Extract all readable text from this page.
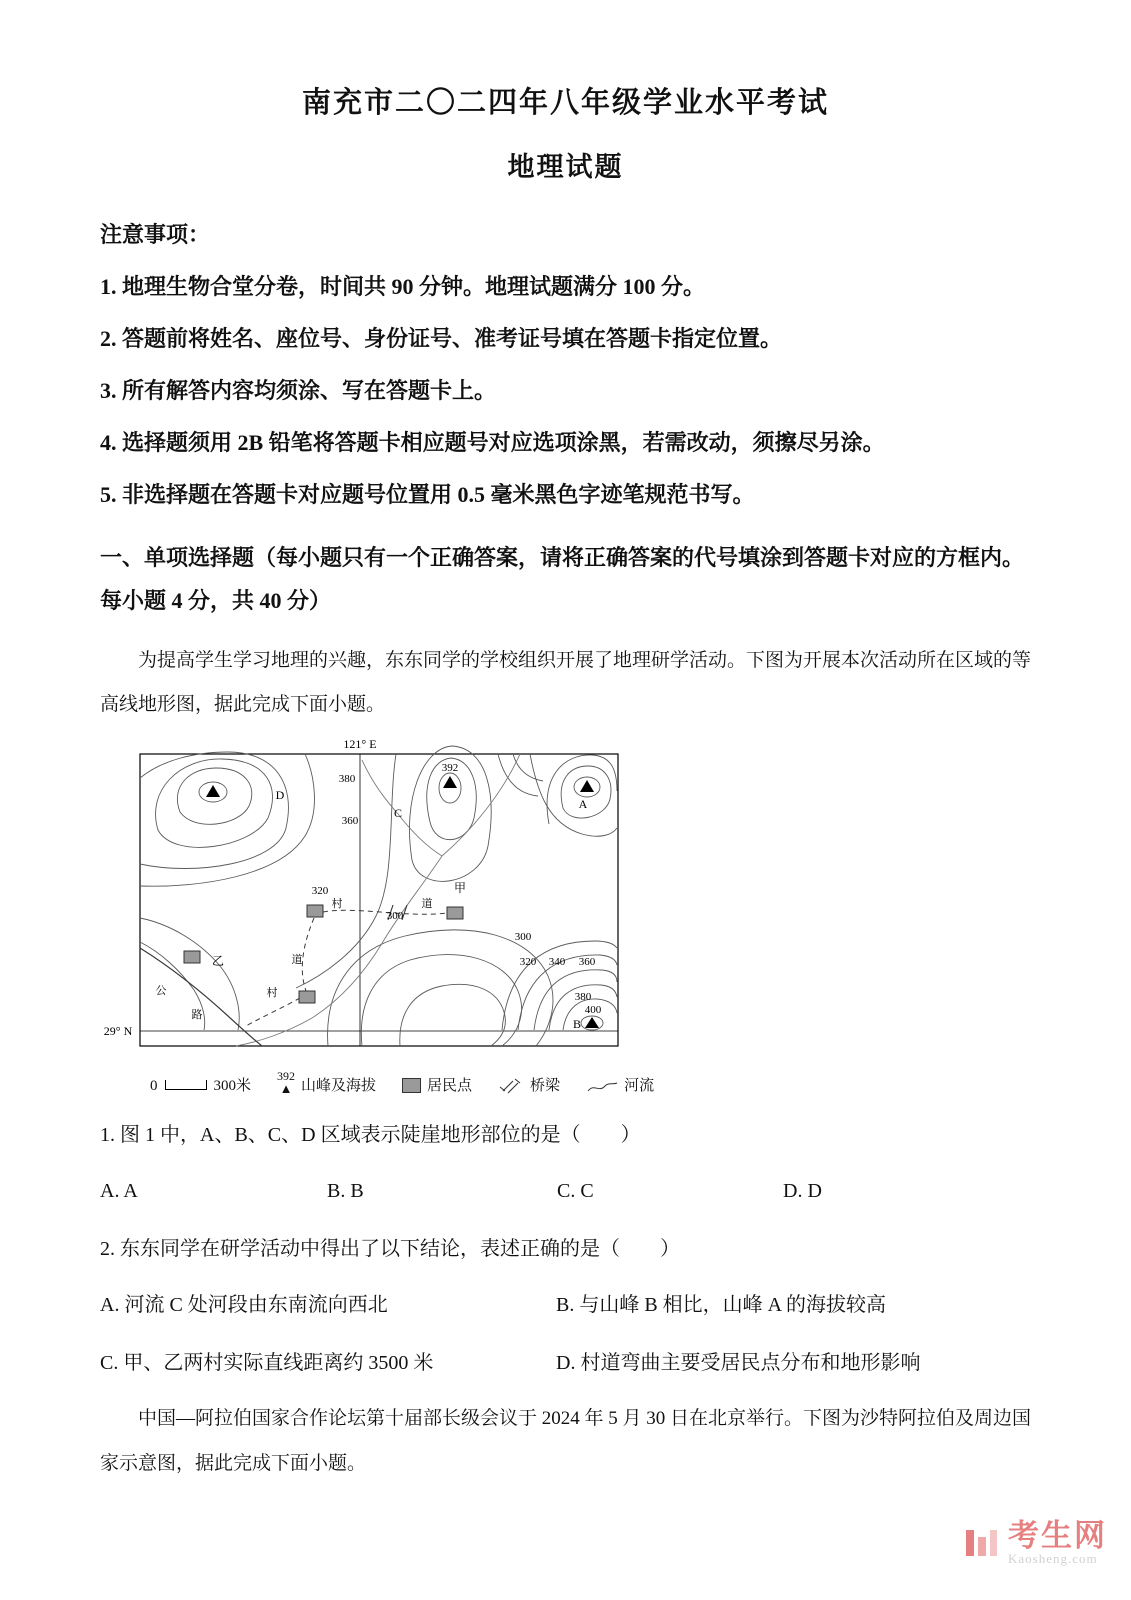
南充市二〇二四年八年级学业水平考试
地理试题
注意事项：
1. 地理生物合堂分卷，时间共 90 分钟。地理试题满分 100 分。
2. 答题前将姓名、座位号、身份证号、准考证号填在答题卡指定位置。
3. 所有解答内容均须涂、写在答题卡上。
4. 选择题须用 2B 铅笔将答题卡相应题号对应选项涂黑，若需改动，须擦尽另涂。
5. 非选择题在答题卡对应题号位置用 0.5 毫米黑色字迹笔规范书写。
一、单项选择题（每小题只有一个正确答案，请将正确答案的代号填涂到答题卡对应的方框内。每小题 4 分，共 40 分）
为提高学生学习地理的兴趣，东东同学的学校组织开展了地理研学活动。下图为开展本次活动所在区域的等高线地形图，据此完成下面小题。
121° E
29° N
392
380
360
D
C
A
B
甲
乙
村
村
道
道
公
路
320
300
300
320 340 360
380
400
0	300米
392
▲ 山峰及海拔	居民点	桥梁	河流
1. 图 1 中，A、B、C、D 区域表示陡崖地形部位的是（　　）
A. A	B. B	C. C	D. D
2. 东东同学在研学活动中得出了以下结论，表述正确的是（　　）
A. 河流 C 处河段由东南流向西北	B. 与山峰 B 相比，山峰 A 的海拔较高
C. 甲、乙两村实际直线距离约 3500 米	D. 村道弯曲主要受居民点分布和地形影响
中国—阿拉伯国家合作论坛第十届部长级会议于 2024 年 5 月 30 日在北京举行。下图为沙特阿拉伯及周边国家示意图，据此完成下面小题。
考生网
Kaosheng.com
